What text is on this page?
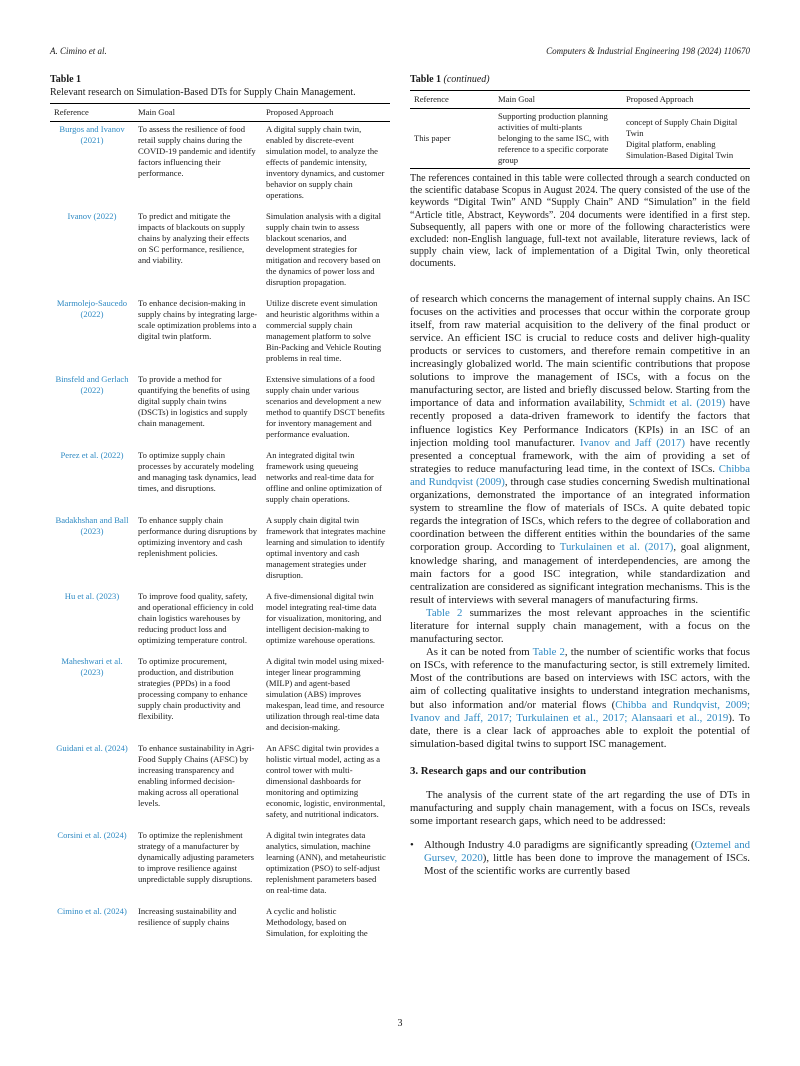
A. Cimino et al.	Computers & Industrial Engineering 198 (2024) 110670
Table 1
Relevant research on Simulation-Based DTs for Supply Chain Management.
Reference	Main Goal	Proposed Approach
Burgos and Ivanov (2021)	To assess the resilience of food retail supply chains during the COVID-19 pandemic and identify factors influencing their performance.	A digital supply chain twin, enabled by discrete-event simulation model, to analyze the effects of pandemic intensity, inventory dynamics, and customer behavior on supply chain operations.
Ivanov (2022)	To predict and mitigate the impacts of blackouts on supply chains by analyzing their effects on SC performance, resilience, and viability.	Simulation analysis with a digital supply chain twin to assess blackout scenarios, and development strategies for mitigation and recovery based on the dynamics of power loss and disruption propagation.
Marmolejo-Saucedo (2022)	To enhance decision-making in supply chains by integrating large-scale optimization problems into a digital twin platform.	Utilize discrete event simulation and heuristic algorithms within a commercial supply chain management platform to solve Bin-Packing and Vehicle Routing problems in real time.
Binsfeld and Gerlach (2022)	To provide a method for quantifying the benefits of using digital supply chain twins (DSCTs) in logistics and supply chain management.	Extensive simulations of a food supply chain under various scenarios and development a new method to quantify DSCT benefits for inventory management and performance evaluation.
Perez et al. (2022)	To optimize supply chain processes by accurately modeling and managing task dynamics, lead times, and disruptions.	An integrated digital twin framework using queueing networks and real-time data for offline and online optimization of supply chain operations.
Badakhshan and Ball (2023)	To enhance supply chain performance during disruptions by optimizing inventory and cash replenishment policies.	A supply chain digital twin framework that integrates machine learning and simulation to identify optimal inventory and cash management strategies under disruption.
Hu et al. (2023)	To improve food quality, safety, and operational efficiency in cold chain logistics warehouses by reducing product loss and optimizing temperature control.	A five-dimensional digital twin model integrating real-time data for visualization, monitoring, and intelligent decision-making to optimize warehouse operations.
Maheshwari et al. (2023)	To optimize procurement, production, and distribution strategies (PPDs) in a food processing company to enhance supply chain productivity and flexibility.	A digital twin model using mixed-integer linear programming (MILP) and agent-based simulation (ABS) improves makespan, lead time, and resource utilization through real-time data and decision-making.
Guidani et al. (2024)	To enhance sustainability in Agri-Food Supply Chains (AFSC) by increasing transparency and enabling informed decision-making across all operational levels.	An AFSC digital twin provides a holistic virtual model, acting as a control tower with multi-dimensional dashboards for monitoring and optimizing economic, logistic, environmental, safety, and nutritional indicators.
Corsini et al. (2024)	To optimize the replenishment strategy of a manufacturer by dynamically adjusting parameters to improve resilience against unpredictable supply disruptions.	A digital twin integrates data analytics, simulation, machine learning (ANN), and metaheuristic optimization (PSO) to self-adjust replenishment parameters based on real-time data.
Cimino et al. (2024)	Increasing sustainability and resilience of supply chains	A cyclic and holistic Methodology, based on Simulation, for exploiting the
Table 1 (continued)
Reference	Main Goal	Proposed Approach
This paper	Supporting production planning activities of multi-plants belonging to the same ISC, with reference to a specific corporate group	concept of Supply Chain Digital Twin
Digital platform, enabling Simulation-Based Digital Twin

The references contained in this table were collected through a search conducted on the scientific database Scopus in August 2024. The query consisted of the use of the keywords “Digital Twin” AND “Supply Chain” AND “Simulation” in the field “Article title, Abstract, Keywords”. 204 documents were identified in a first step. Subsequently, all papers with one or more of the following characteristics were excluded: non-English language, full-text not available, literature reviews, lack of supply chain view, lack of implementation of a Digital Twin, only theoretical documents.

of research which concerns the management of internal supply chains. An ISC focuses on the activities and processes that occur within the corporate group itself, from raw material acquisition to the delivery of the final product or service. An efficient ISC is crucial to reduce costs and deliver high-quality products or services to customers, and therefore remain competitive in an increasingly globalized world. The main scientific contributions that propose solutions to improve the management of ISCs, with a focus on the manufacturing sector, are listed and briefly discussed below. Starting from the importance of data and information availability, Schmidt et al. (2019) have recently proposed a data-driven framework to identify the factors that influence logistics Key Performance Indicators (KPIs) in an ISC of an injection molding tool manufacturer. Ivanov and Jaff (2017) have recently presented a conceptual framework, with the aim of providing a set of strategies to reduce manufacturing lead time, in the context of ISCs. Chibba and Rundqvist (2009), through case studies concerning Swedish multinational organizations, demonstrated the importance of an integrated information system to streamline the flow of materials of ISCs. A quite debated topic regards the integration of ISCs, which refers to the degree of collaboration and coordination between the different entities within the boundaries of the same corporation group. According to Turkulainen et al. (2017), goal alignment, knowledge sharing, and management of interdependencies, are among the main factors for a good ISC integration, while standardization and centralization are considered as significant integration mechanisms. This is the result of interviews with several managers of manufacturing firms.

Table 2 summarizes the most relevant approaches in the scientific literature for internal supply chain management, with a focus on the manufacturing sector.

As it can be noted from Table 2, the number of scientific works that focus on ISCs, with reference to the manufacturing sector, is still extremely limited. Most of the contributions are based on interviews with ISC actors, with the aim of collecting qualitative insights to understand integration mechanisms, but also information and/or material flows (Chibba and Rundqvist, 2009; Ivanov and Jaff, 2017; Turkulainen et al., 2017; Alansaari et al., 2019). To date, there is a clear lack of approaches able to exploit the potential of simulation-based digital twins to support ISC management.

3. Research gaps and our contribution

The analysis of the current state of the art regarding the use of DTs in manufacturing and supply chain management, with a focus on ISCs, reveals some important research gaps, which need to be addressed:

• Although Industry 4.0 paradigms are significantly spreading (Oztemel and Gursev, 2020), little has been done to improve the management of ISCs. Most of the scientific works are currently based
3
